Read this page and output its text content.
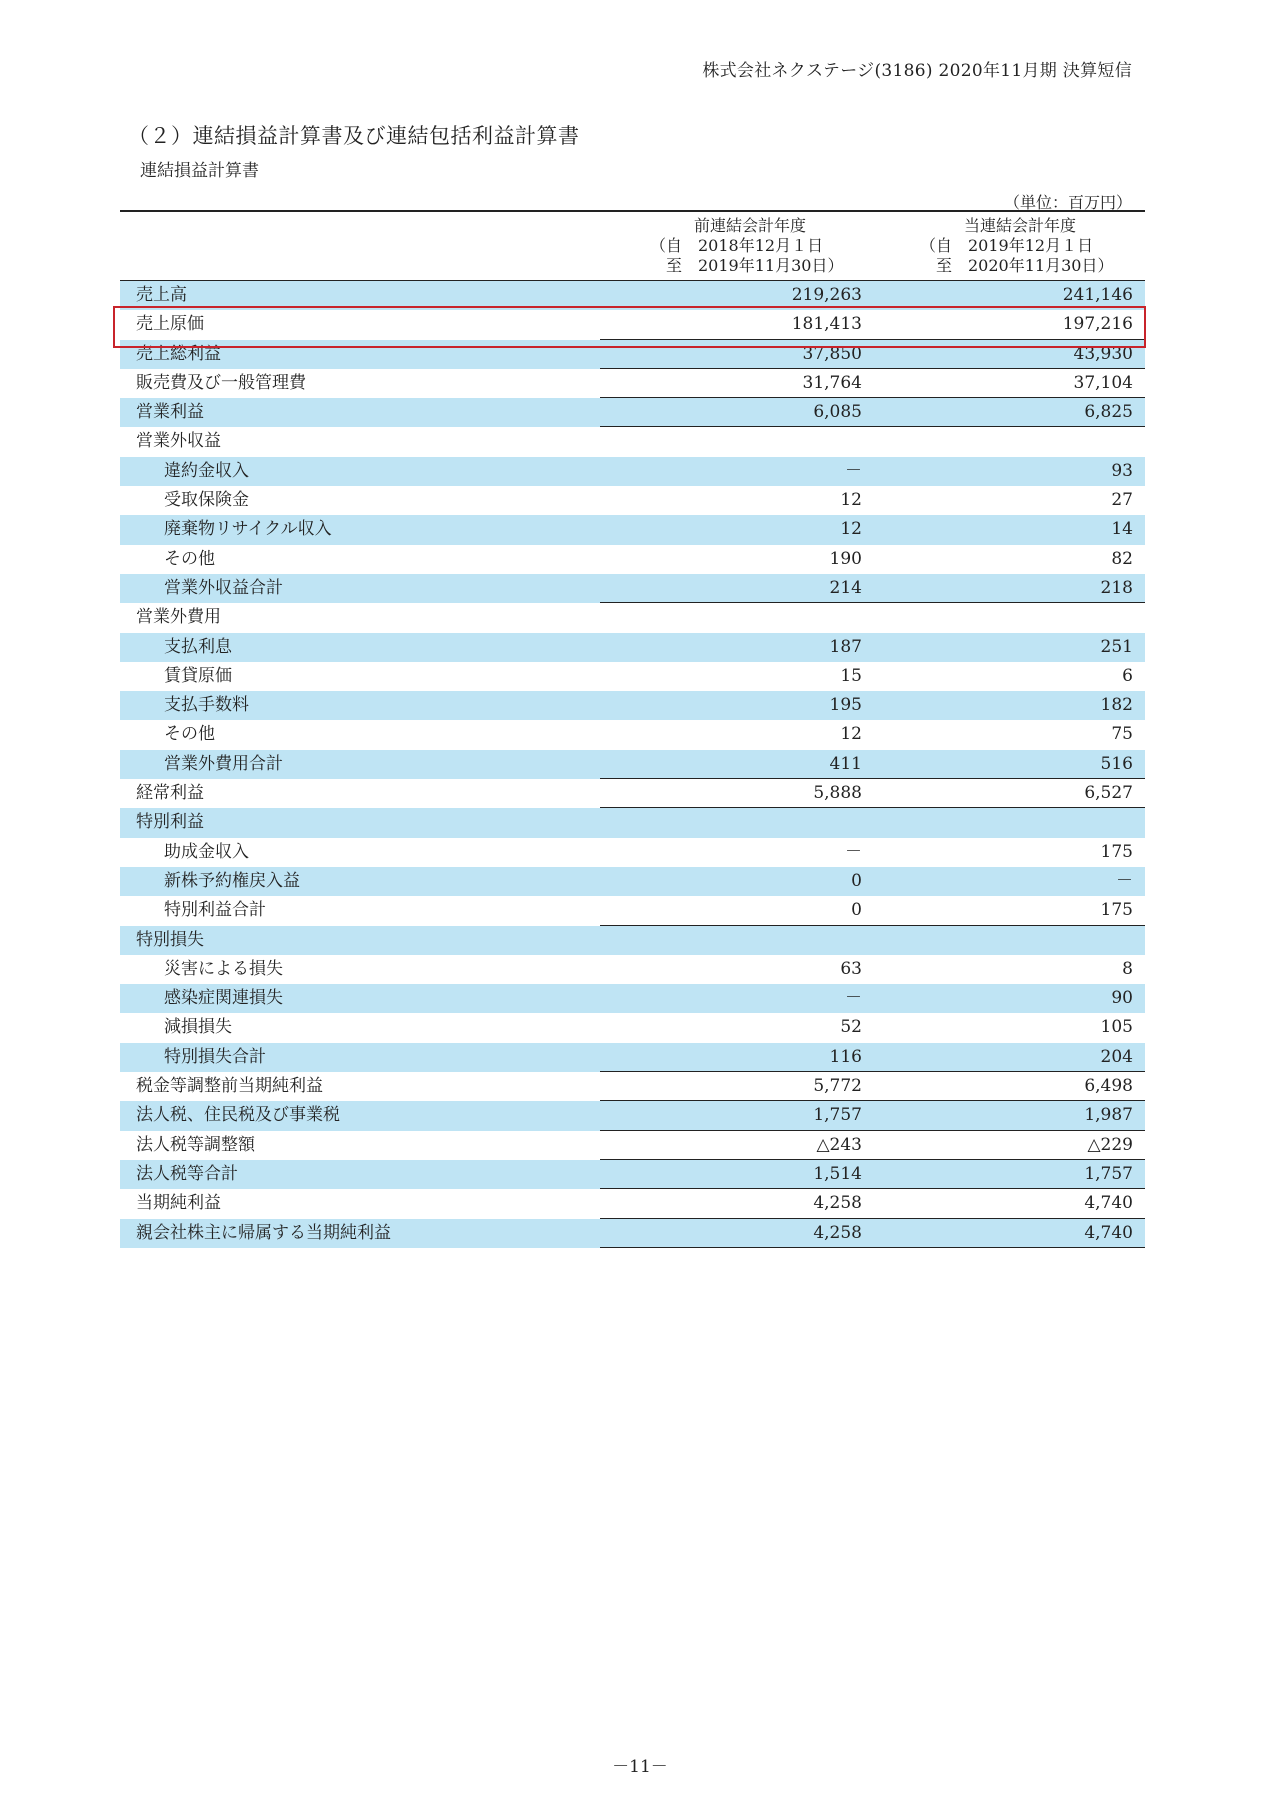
株式会社ネクステージ(3186) 2020年11月期 決算短信
（２）連結損益計算書及び連結包括利益計算書
連結損益計算書
（単位：百万円）
前連結会計年度
（自　2018年12月１日
　至　2019年11月30日）
当連結会計年度
（自　2019年12月１日
　至　2020年11月30日）
売上高	219,263	241,146
売上原価	181,413	197,216
売上総利益	37,850	43,930
販売費及び一般管理費	31,764	37,104
営業利益	6,085	6,825
営業外収益
違約金収入	－	93
受取保険金	12	27
廃棄物リサイクル収入	12	14
その他	190	82
営業外収益合計	214	218
営業外費用
支払利息	187	251
賃貸原価	15	6
支払手数料	195	182
その他	12	75
営業外費用合計	411	516
経常利益	5,888	6,527
特別利益
助成金収入	－	175
新株予約権戻入益	0	－
特別利益合計	0	175
特別損失
災害による損失	63	8
感染症関連損失	－	90
減損損失	52	105
特別損失合計	116	204
税金等調整前当期純利益	5,772	6,498
法人税、住民税及び事業税	1,757	1,987
法人税等調整額	△243	△229
法人税等合計	1,514	1,757
当期純利益	4,258	4,740
親会社株主に帰属する当期純利益	4,258	4,740
－11－
